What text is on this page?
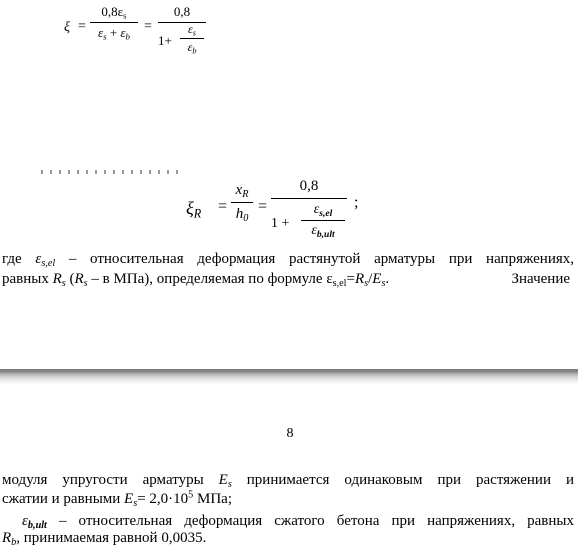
ξ =
$0,8\varepsilon_s$
$\varepsilon_s + \varepsilon_b$
=
0,8
1+
$\varepsilon_s$
$\varepsilon_b$
$\xi_R$ =
$x_R$
$h_0$
=
0,8
1 +
$\varepsilon_{s,el}$
$\varepsilon_{b,ult}$
;
где $\varepsilon_{s,el}$ – относительная деформация растянутой арматуры при напряжениях,
равных $R_s$ ($R_s$ – в МПа), определяемая по формуле $\varepsilon_{s,el}=R_s/E_s$.	Значение
8
модуля упругости арматуры $E_s$ принимается одинаковым при растяжении и
сжатии и равными $E_s= 2,0\cdot 10^5$ МПа;
$\varepsilon_{b,ult}$ – относительная деформация сжатого бетона при напряжениях, равных
$R_b$, принимаемая равной 0,0035.
